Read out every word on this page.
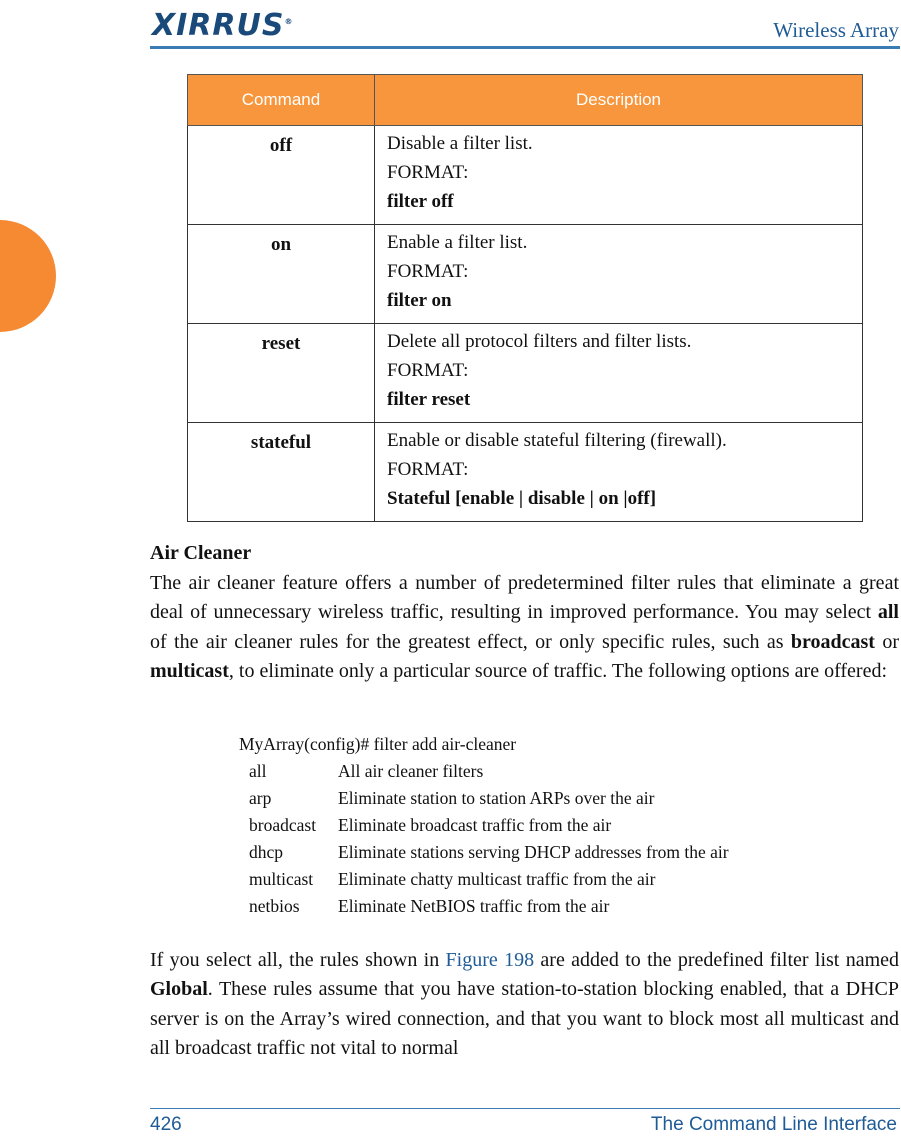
XIRRUS®	Wireless Array
Command	Description
off	Disable a filter list.
FORMAT:
filter off

on	Enable a filter list.
FORMAT:
filter on

reset	Delete all protocol filters and filter lists.
FORMAT:
filter reset

stateful	Enable or disable stateful filtering (firewall).
FORMAT:
Stateful [enable | disable | on |off]
Air Cleaner
The air cleaner feature offers a number of predetermined filter rules that eliminate a great deal of unnecessary wireless traffic, resulting in improved performance. You may select all of the air cleaner rules for the greatest effect, or only specific rules, such as broadcast or multicast, to eliminate only a particular source of traffic. The following options are offered:
MyArray(config)# filter add air-cleaner
all	All air cleaner filters
arp	Eliminate station to station ARPs over the air
broadcast	Eliminate broadcast traffic from the air
dhcp	Eliminate stations serving DHCP addresses from the air
multicast	Eliminate chatty multicast traffic from the air
netbios	Eliminate NetBIOS traffic from the air
If you select all, the rules shown in Figure 198 are added to the predefined filter list named Global. These rules assume that you have station-to-station blocking enabled, that a DHCP server is on the Array’s wired connection, and that you want to block most all multicast and all broadcast traffic not vital to normal
426	The Command Line Interface
